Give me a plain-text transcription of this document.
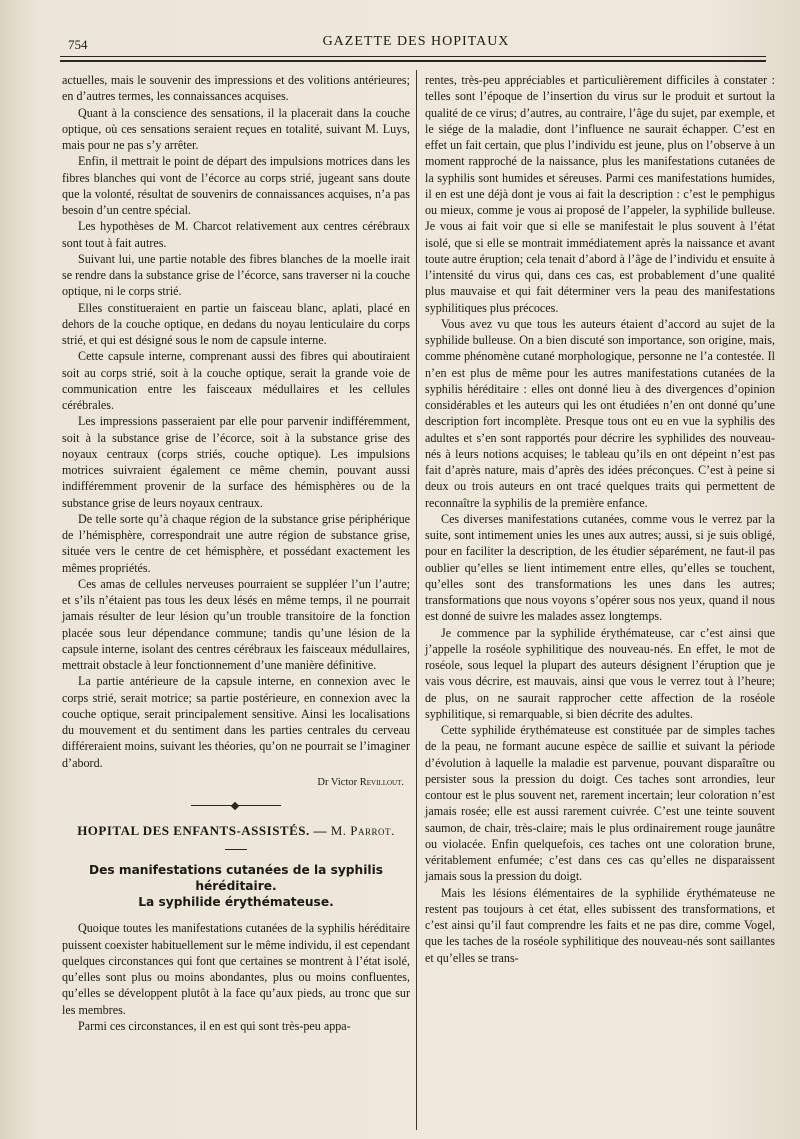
754	GAZETTE DES HOPITAUX

actuelles, mais le souvenir des impressions et des volitions antérieures; en d’autres termes, les connaissances acquises.

Quant à la conscience des sensations, il la placerait dans la couche optique, où ces sensations seraient reçues en totalité, suivant M. Luys, mais pour ne pas s’y arrêter.

Enfin, il mettrait le point de départ des impulsions motrices dans les fibres blanches qui vont de l’écorce au corps strié, jugeant sans doute que la volonté, résultat de souvenirs de connaissances acquises, n’a pas besoin d’un centre spécial.

Les hypothèses de M. Charcot relativement aux centres cérébraux sont tout à fait autres.

Suivant lui, une partie notable des fibres blanches de la moelle irait se rendre dans la substance grise de l’écorce, sans traverser ni la couche optique, ni le corps strié.

Elles constitueraient en partie un faisceau blanc, aplati, placé en dehors de la couche optique, en dedans du noyau lenticulaire du corps strié, et qui est désigné sous le nom de capsule interne.

Cette capsule interne, comprenant aussi des fibres qui aboutiraient soit au corps strié, soit à la couche optique, serait la grande voie de communication entre les faisceaux médullaires et les cellules cérébrales.

Les impressions passeraient par elle pour parvenir indifféremment, soit à la substance grise de l’écorce, soit à la substance grise des noyaux centraux (corps striés, couche optique). Les impulsions motrices suivraient également ce même chemin, pouvant aussi indifféremment provenir de la surface des hémisphères ou de la substance grise de leurs noyaux centraux.

De telle sorte qu’à chaque région de la substance grise périphérique de l’hémisphère, correspondrait une autre région de substance grise, située vers le centre de cet hémisphère, et possédant exactement les mêmes propriétés.

Ces amas de cellules nerveuses pourraient se suppléer l’un l’autre; et s’ils n’étaient pas tous les deux lésés en même temps, il ne pourrait jamais résulter de leur lésion qu’un trouble transitoire de la fonction placée sous leur dépendance commune; tandis qu’une lésion de la capsule interne, isolant des centres cérébraux les faisceaux médullaires, mettrait obstacle à leur fonctionnement d’une manière définitive.

La partie antérieure de la capsule interne, en connexion avec le corps strié, serait motrice; sa partie postérieure, en connexion avec la couche optique, serait principalement sensitive. Ainsi les localisations du mouvement et du sentiment dans les parties centrales du cerveau différeraient moins, suivant les théories, qu’on ne pourrait se l’imaginer d’abord.

Dr Victor Revillout.
HOPITAL DES ENFANTS-ASSISTÉS. — M. Parrot.
Des manifestations cutanées de la syphilis héréditaire.
La syphilide érythémateuse.

Quoique toutes les manifestations cutanées de la syphilis héréditaire puissent coexister habituellement sur le même individu, il est cependant quelques circonstances qui font que certaines se montrent à l’état isolé, qu’elles sont plus ou moins abondantes, plus ou moins confluentes, qu’elles se développent plutôt à la face qu’aux pieds, au tronc que sur les membres.

Parmi ces circonstances, il en est qui sont très-peu appa-

rentes, très-peu appréciables et particulièrement difficiles à constater : telles sont l’époque de l’insertion du virus sur le produit et surtout la qualité de ce virus; d’autres, au contraire, l’âge du sujet, par exemple, et le siége de la maladie, dont l’influence ne saurait échapper. C’est en effet un fait certain, que plus l’individu est jeune, plus on l’observe à un moment rapproché de la naissance, plus les manifestations cutanées de la syphilis sont humides et séreuses. Parmi ces manifestations humides, il en est une déjà dont je vous ai fait la description : c’est le pemphigus ou mieux, comme je vous ai proposé de l’appeler, la syphilide bulleuse. Je vous ai fait voir que si elle se manifestait le plus souvent à l’état isolé, que si elle se montrait immédiatement après la naissance et avant toute autre éruption; cela tenait d’abord à l’âge de l’individu et ensuite à l’intensité du virus qui, dans ces cas, est probablement d’une qualité plus mauvaise et qui fait déterminer vers la peau des manifestations syphilitiques plus précoces.

Vous avez vu que tous les auteurs étaient d’accord au sujet de la syphilide bulleuse. On a bien discuté son importance, son origine, mais, comme phénomène cutané morphologique, personne ne l’a contestée. Il n’en est plus de même pour les autres manifestations cutanées de la syphilis héréditaire : elles ont donné lieu à des divergences d’opinion considérables et les auteurs qui les ont étudiées n’en ont donné qu’une description fort incomplète. Presque tous ont eu en vue la syphilis des adultes et s’en sont rapportés pour décrire les syphilides des nouveau-nés à leurs notions acquises; le tableau qu’ils en ont dépeint n’est pas fait d’après nature, mais d’après des idées préconçues. C’est à peine si deux ou trois auteurs en ont tracé quelques traits qui permettent de reconnaître la syphilis de la première enfance.

Ces diverses manifestations cutanées, comme vous le verrez par la suite, sont intimement unies les unes aux autres; aussi, si je suis obligé, pour en faciliter la description, de les étudier séparément, ne faut-il pas oublier qu’elles se lient intimement entre elles, qu’elles se touchent, qu’elles sont des transformations les unes dans les autres; transformations que nous voyons s’opérer sous nos yeux, quand il nous est donné de suivre les malades assez longtemps.

Je commence par la syphilide érythémateuse, car c’est ainsi que j’appelle la roséole syphilitique des nouveau-nés. En effet, le mot de roséole, sous lequel la plupart des auteurs désignent l’éruption que je vais vous décrire, est mauvais, ainsi que vous le verrez tout à l’heure; de plus, on ne saurait rapprocher cette affection de la roséole syphilitique, si remarquable, si bien décrite des adultes.

Cette syphilide érythémateuse est constituée par de simples taches de la peau, ne formant aucune espèce de saillie et suivant la période d’évolution à laquelle la maladie est parvenue, pouvant disparaître ou persister sous la pression du doigt. Ces taches sont arrondies, leur contour est le plus souvent net, rarement incertain; leur coloration n’est jamais rosée; elle est aussi rarement cuivrée. C’est une teinte souvent saumon, de chair, très-claire; mais le plus ordinairement rouge jaunâtre ou violacée. Enfin quelquefois, ces taches ont une coloration brune, véritablement enfumée; c’est dans ces cas qu’elles ne disparaissent jamais sous la pression du doigt.

Mais les lésions élémentaires de la syphilide érythémateuse ne restent pas toujours à cet état, elles subissent des transformations, et c’est ainsi qu’il faut comprendre les faits et ne pas dire, comme Vogel, que les taches de la roséole syphilitique des nouveau-nés sont saillantes et qu’elles se trans-
